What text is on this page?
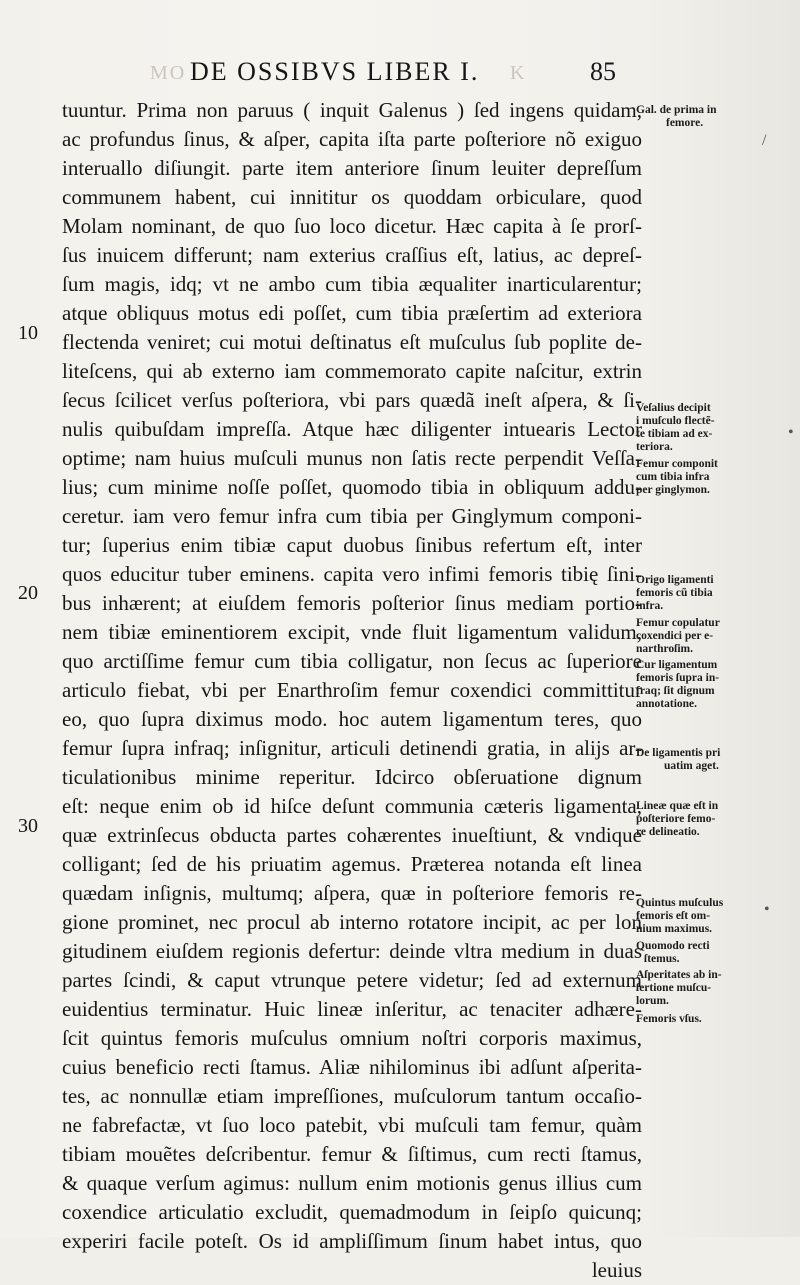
MO	K
DE OSSIBVS LIBER I.	85
10
20
30
tuuntur. Prima non paruus ( inquit Galenus ) ſed ingens quidam,
ac profundus ſinus, & aſper, capita iſta parte poſteriore nõ exiguo
interuallo diſiungit. parte item anteriore ſinum leuiter depreſſum
communem habent, cui innititur os quoddam orbiculare, quod
Molam nominant, de quo ſuo loco dicetur. Hæc capita à ſe prorſ-
ſus inuicem differunt; nam exterius craſſius eſt, latius, ac depreſ-
ſum magis, idq; vt ne ambo cum tibia æqualiter inarticularentur;
atque obliquus motus edi poſſet, cum tibia præſertim ad exteriora
flectenda veniret; cui motui deſtinatus eſt muſculus ſub poplite de-
liteſcens, qui ab externo iam commemorato capite naſcitur, extrin
ſecus ſcilicet verſus poſteriora, vbi pars quædã ineſt aſpera, & ſi-
nulis quibuſdam impreſſa. Atque hæc diligenter intuearis Lector
optime; nam huius muſculi munus non ſatis recte perpendit Veſſa-
lius; cum minime noſſe poſſet, quomodo tibia in obliquum addu-
ceretur. iam vero femur infra cum tibia per Ginglymum componi-
tur; ſuperius enim tibiæ caput duobus ſinibus refertum eſt, inter
quos educitur tuber eminens. capita vero infimi femoris tibię ſini-
bus inhærent; at eiuſdem femoris poſterior ſinus mediam portio-
nem tibiæ eminentiorem excipit, vnde fluit ligamentum validum,
quo arctiſſime femur cum tibia colligatur, non ſecus ac ſuperiore
articulo fiebat, vbi per Enarthroſim femur coxendici committitur
eo, quo ſupra diximus modo. hoc autem ligamentum teres, quo
femur ſupra infraq; inſignitur, articuli detinendi gratia, in alijs ar-
ticulationibus minime reperitur. Idcirco obſeruatione dignum
eſt: neque enim ob id hiſce deſunt communia cæteris ligamenta,
quæ extrinſecus obducta partes cohærentes inueſtiunt, & vndique
colligant; ſed de his priuatim agemus. Præterea notanda eſt linea
quædam inſignis, multumq; aſpera, quæ in poſteriore femoris re-
gione prominet, nec procul ab interno rotatore incipit, ac per lon
gitudinem eiuſdem regionis defertur: deinde vltra medium in duas
partes ſcindi, & caput vtrunque petere videtur; ſed ad externum
euidentius terminatur. Huic lineæ inſeritur, ac tenaciter adhære-
ſcit quintus femoris muſculus omnium noſtri corporis maximus,
cuius beneficio recti ſtamus. Aliæ nihilominus ibi adſunt aſperita-
tes, ac nonnullæ etiam impreſſiones, muſculorum tantum occaſio-
ne fabrefactæ, vt ſuo loco patebit, vbi muſculi tam femur, quàm
tibiam mouẽtes deſcribentur. femur & ſiſtimus, cum recti ſtamus,
& quaque verſum agimus: nullum enim motionis genus illius cum
coxendice articulatio excludit, quemadmodum in ſeipſo quicunq;
experiri facile poteſt. Os id ampliſſimum ſinum habet intus, quo
leuius
Gal. de prima in
femore.
Veſalius decipit
i muſculo flectẽ-
te tibiam ad ex-
teriora.
Femur componit
cum tibia infra
per ginglymon.
Origo ligamenti
femoris cũ tibia
infra.
Femur copulatur
coxendici per e-
narthroſim.
Cur ligamentum
femoris ſupra in-
fraq; ſit dignum
annotatione.
De ligamentis pri
uatim aget.
Lineæ quæ eſt in
poſteriore femo-
re delineatio.
Quintus muſculus
femoris eſt om-
nium maximus.
Quomodo recti
ſtemus.
Aſperitates ab in-
ſertione muſcu-
lorum.
Femoris vſus.
/
•
•
